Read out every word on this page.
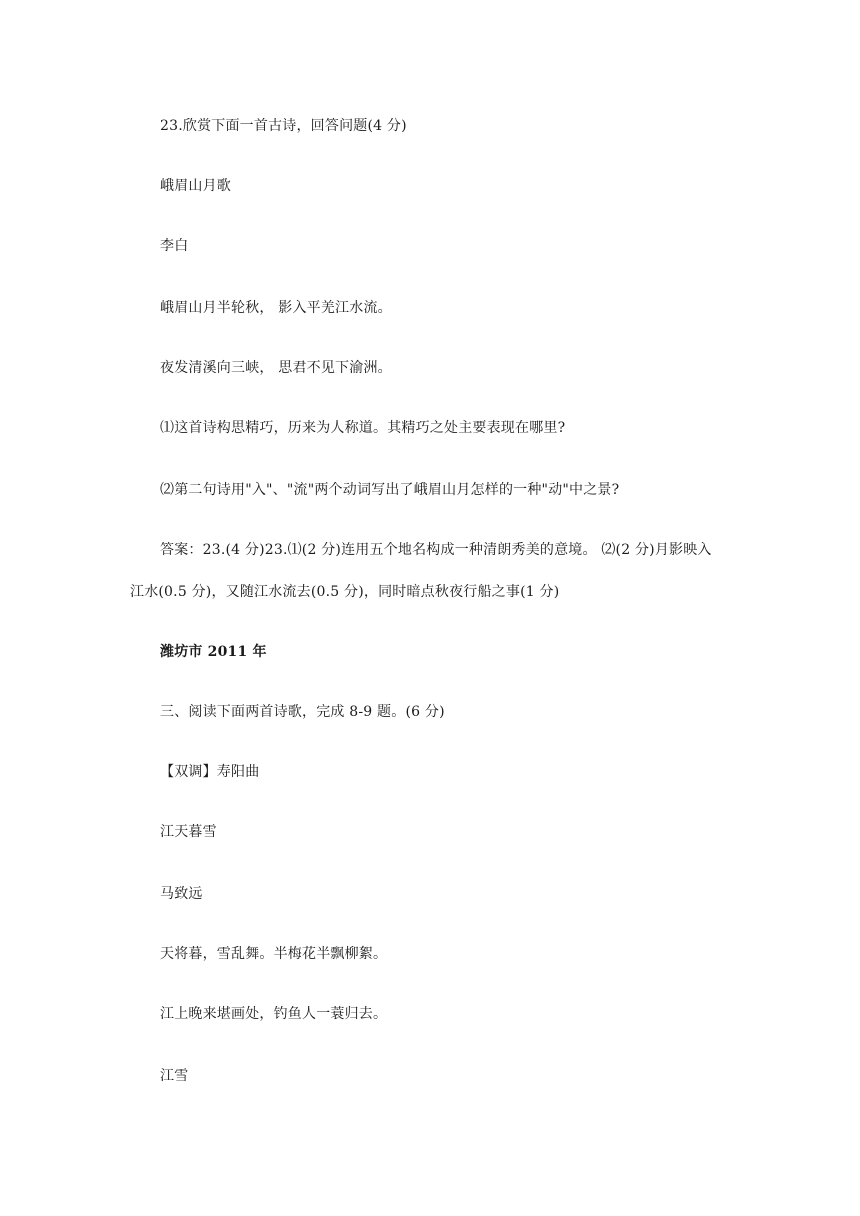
23.欣赏下面一首古诗，回答问题(4 分)
峨眉山月歌
李白
峨眉山月半轮秋， 影入平羌江水流。
夜发清溪向三峡， 思君不见下渝洲。
⑴这首诗构思精巧，历来为人称道。其精巧之处主要表现在哪里?
⑵第二句诗用"入"、"流"两个动词写出了峨眉山月怎样的一种"动"中之景?
答案：23.(4 分)23.⑴(2 分)连用五个地名构成一种清朗秀美的意境。 ⑵(2 分)月影映入
江水(0.5 分)，又随江水流去(0.5 分)，同时暗点秋夜行船之事(1 分)
潍坊市 2011 年
三、阅读下面两首诗歌，完成 8-9 题。(6 分)
【双调】寿阳曲
江天暮雪
马致远
天将暮，雪乱舞。半梅花半飘柳絮。
江上晚来堪画处，钓鱼人一蓑归去。
江雪
